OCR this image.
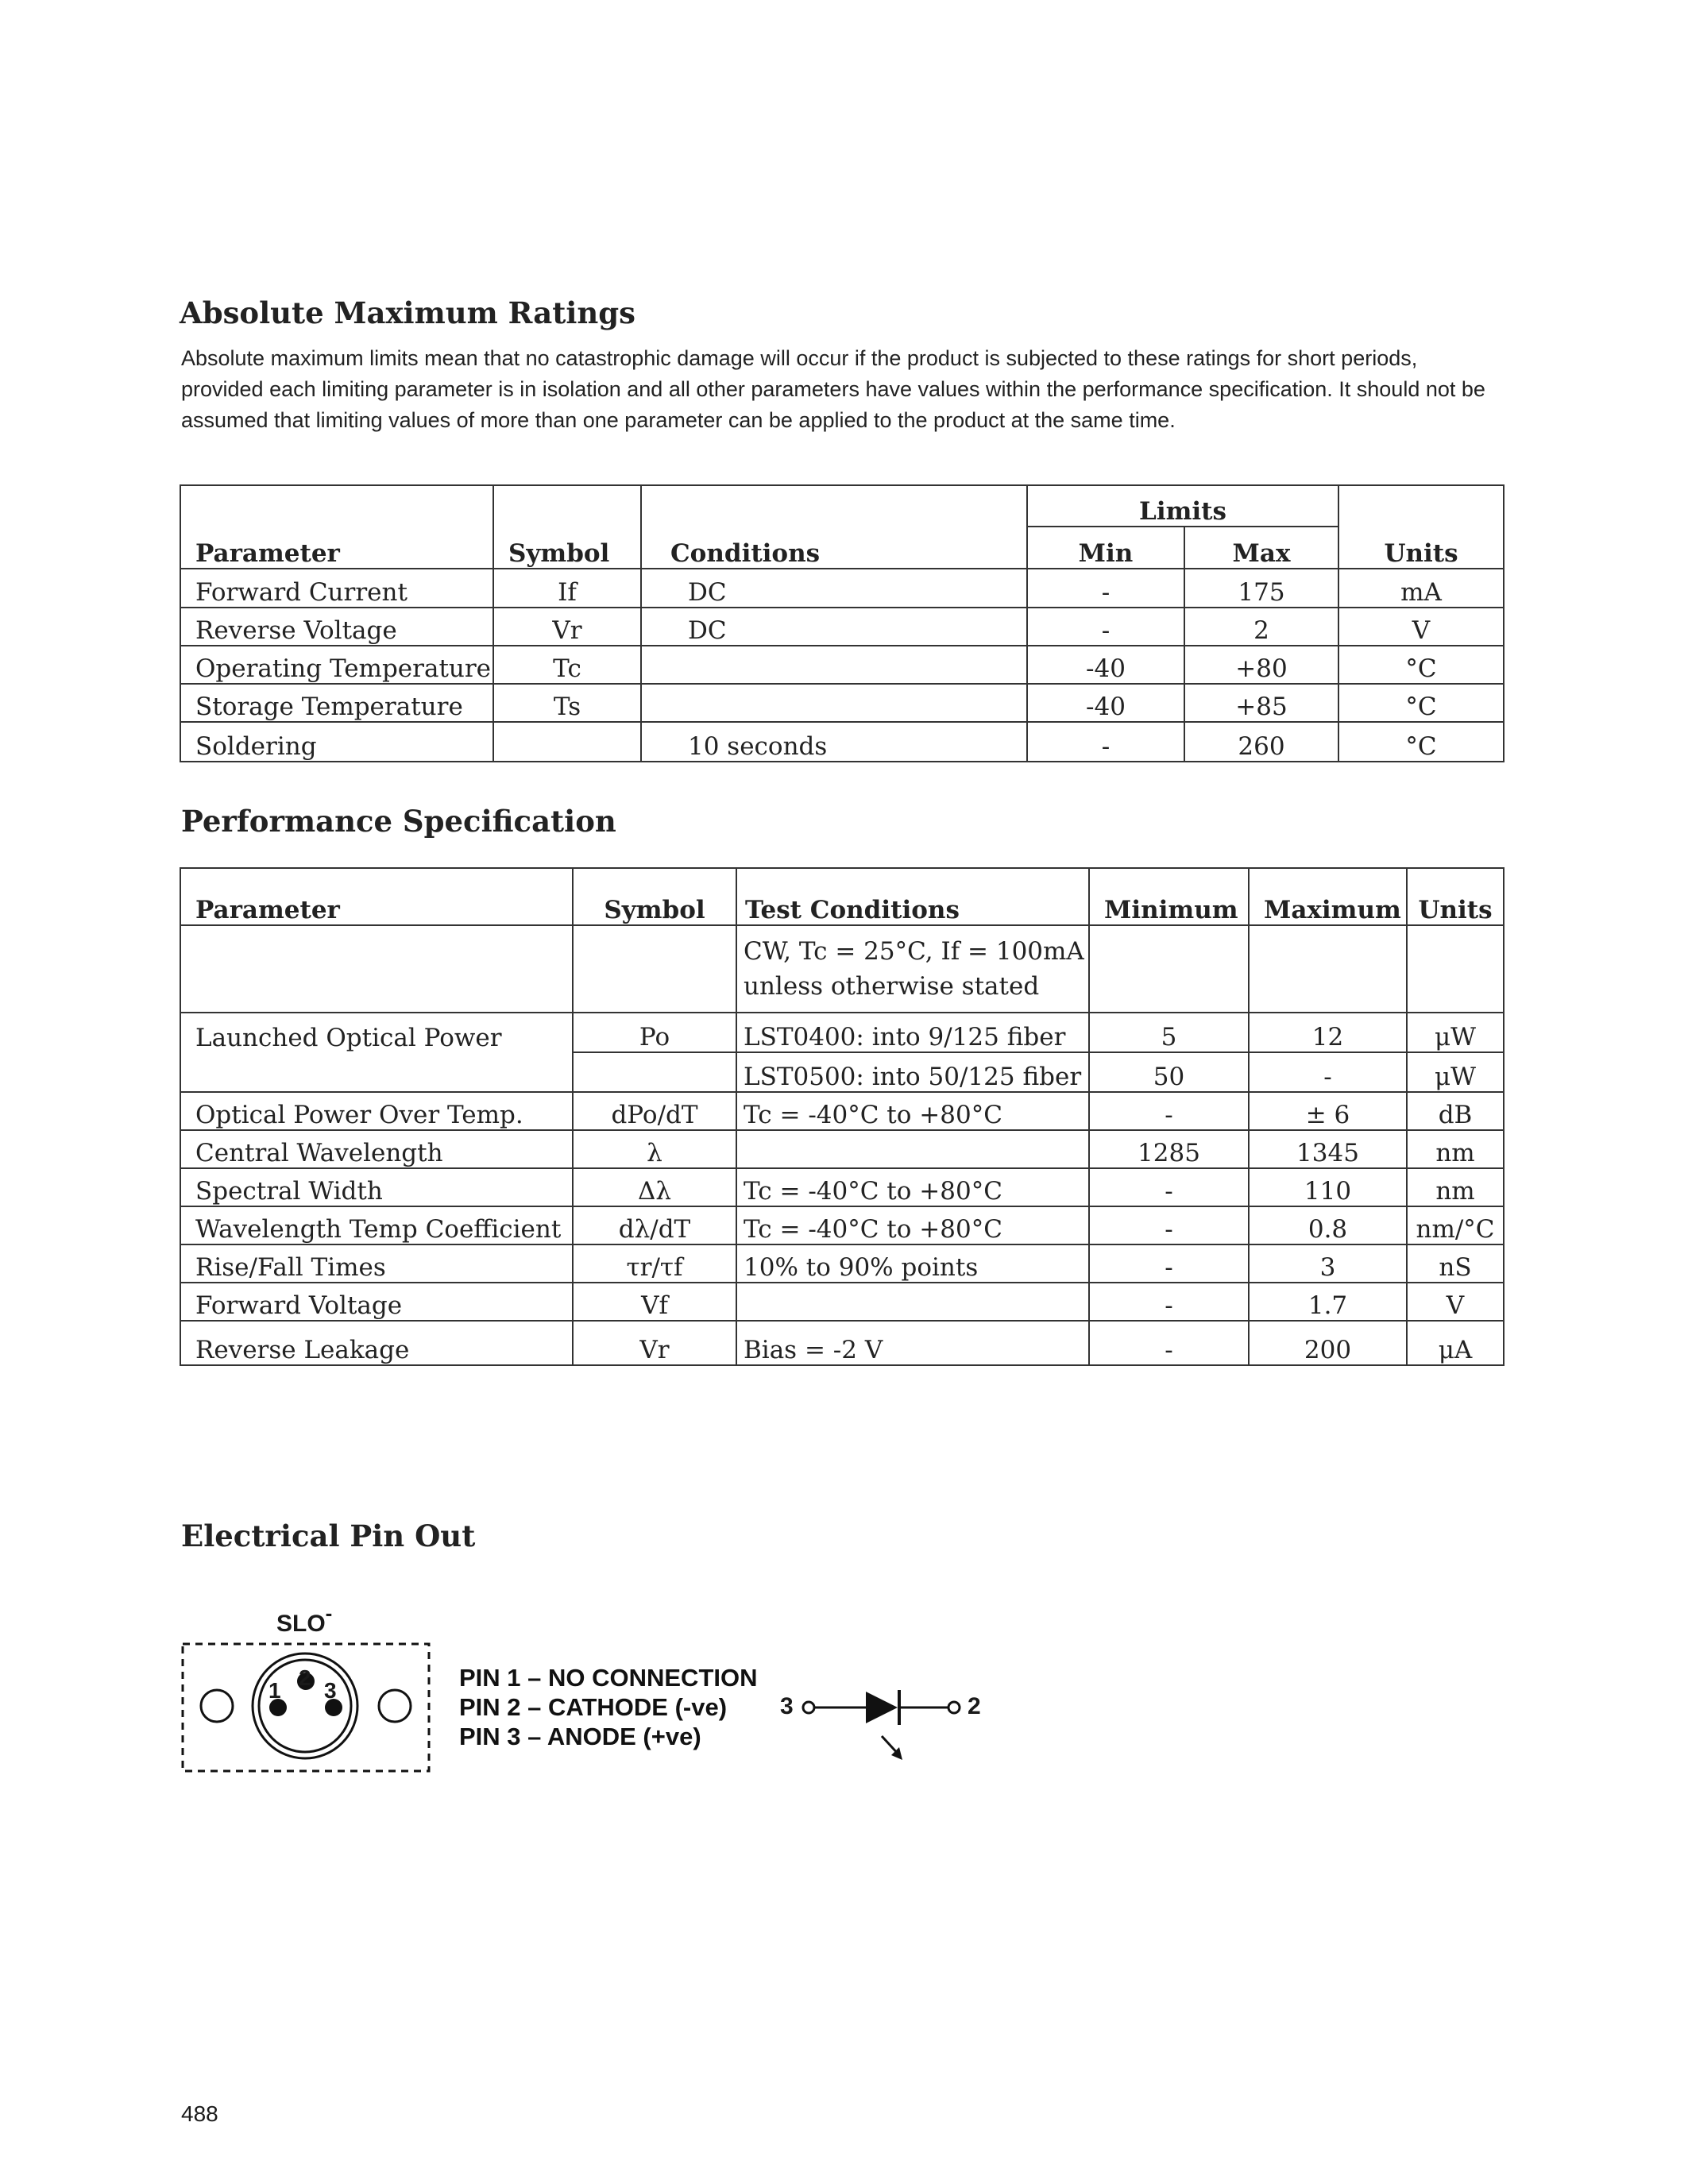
Absolute Maximum Ratings
Absolute maximum limits mean that no catastrophic damage will occur if the product is subjected to these ratings for short periods, provided each limiting parameter is in isolation and all other parameters have values within the performance specification. It should not be assumed that limiting values of more than one parameter can be applied to the product at the same time.
Parameter	Symbol	Conditions	Limits		Units
			Min	Max	
Forward Current	If	DC	-	175	mA
Reverse Voltage	Vr	DC	-	2	V
Operating Temperature	Tc		-40	+80	°C
Storage Temperature	Ts		-40	+85	°C
Soldering		10 seconds	-	260	°C
Performance Specification
Parameter	Symbol	Test Conditions	Minimum	Maximum	Units

		CW, Tc = 25°C, If = 100mA
unless otherwise stated			

Launched Optical Power	Po	LST0400: into 9/125 fiber	5	12	μW
		LST0500: into 50/125 fiber	50	-	μW
Optical Power Over Temp.	dPo/dT	Tc = -40°C to +80°C	-	± 6	dB
Central Wavelength	λ		1285	1345	nm
Spectral Width	Δλ	Tc = -40°C to +80°C	-	110	nm
Wavelength Temp Coefficient	dλ/dT	Tc = -40°C to +80°C	-	0.8	nm/°C
Rise/Fall Times	τr/τf	10% to 90% points	-	3	nS
Forward Voltage	Vf		-	1.7	V
Reverse Leakage	Vr	Bias = -2 V	-	200	μA
Electrical Pin Out
SLO-
1
2
3	PIN 1 – NO CONNECTION
PIN 2 – CATHODE (-ve)
PIN 3 – ANODE (+ve)
3	2
488
